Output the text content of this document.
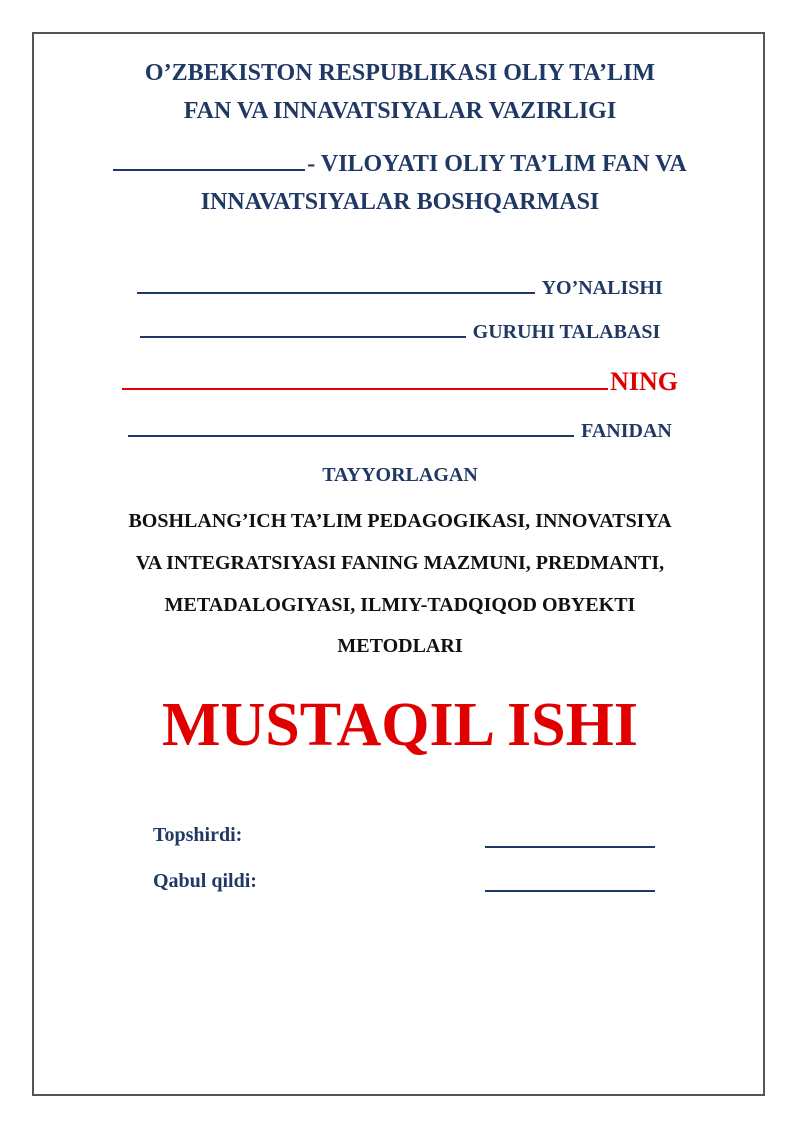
O’ZBEKISTON RESPUBLIKASI OLIY TA’LIM
FAN VA INNAVATSIYALAR VAZIRLIGI
- VILOYATI OLIY TA’LIM FAN VA
INNAVATSIYALAR BOSHQARMASI
YO’NALISHI
GURUHI TALABASI
NING
FANIDAN
TAYYORLAGAN
BOSHLANG’ICH TA’LIM PEDAGOGIKASI, INNOVATSIYA
VA INTEGRATSIYASI FANING MAZMUNI, PREDMANTI,
METADALOGIYASI, ILMIY-TADQIQOD OBYEKTI
METODLARI
MUSTAQIL ISHI
Topshirdi:
Qabul qildi:
